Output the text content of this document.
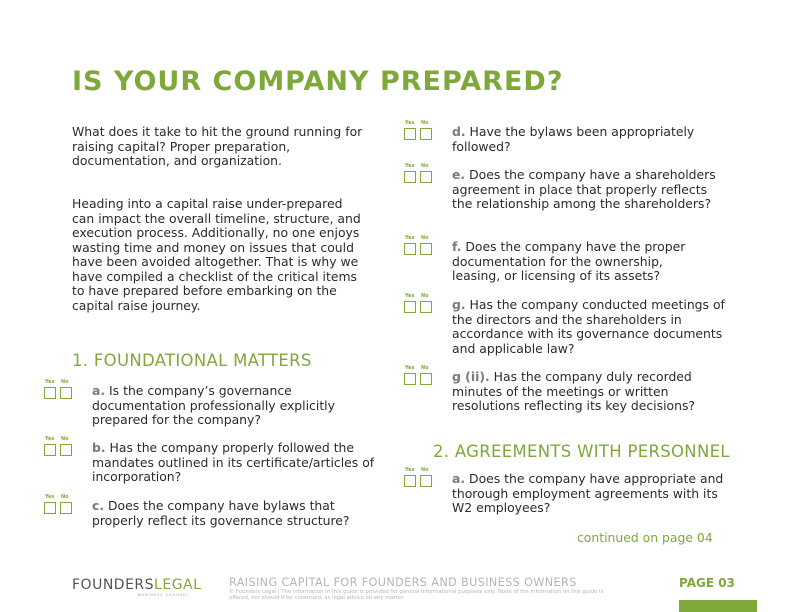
IS YOUR COMPANY PREPARED?

What does it take to hit the ground running for raising capital? Proper preparation, documentation, and organization.

Heading into a capital raise under-prepared can impact the overall timeline, structure, and execution process. Additionally, no one enjoys wasting time and money on issues that could have been avoided altogether. That is why we have compiled a checklist of the critical items to have prepared before embarking on the capital raise journey.

1. FOUNDATIONAL MATTERS
Yes No

a. Is the company’s governance documentation professionally explicitly prepared for the company?

Yes No

b. Has the company properly followed the mandates outlined in its certificate/articles of incorporation?

Yes No

c. Does the company have bylaws that properly reflect its governance structure?

Yes No

d. Have the bylaws been appropriately followed?

Yes No

e. Does the company have a shareholders agreement in place that properly reflects the relationship among the shareholders?

Yes No

f. Does the company have the proper documentation for the ownership, leasing, or licensing of its assets?

Yes No

g. Has the company conducted meetings of the directors and the shareholders in accordance with its governance documents and applicable law?

Yes No

g (ii). Has the company duly recorded minutes of the meetings or written resolutions reflecting its key decisions?

2. AGREEMENTS WITH PERSONNEL
Yes No

a. Does the company have appropriate and thorough employment agreements with its W2 employees?

continued on page 04
FOUNDERSLEGAL
BUSINESS COUNSEL
RAISING CAPITAL FOR FOUNDERS AND BUSINESS OWNERS

© Founders Legal | The information in this guide is provided for general informational purposes only. None of the information on this guide is offered, nor should it be construed, as legal advice on any matter.

PAGE 03
